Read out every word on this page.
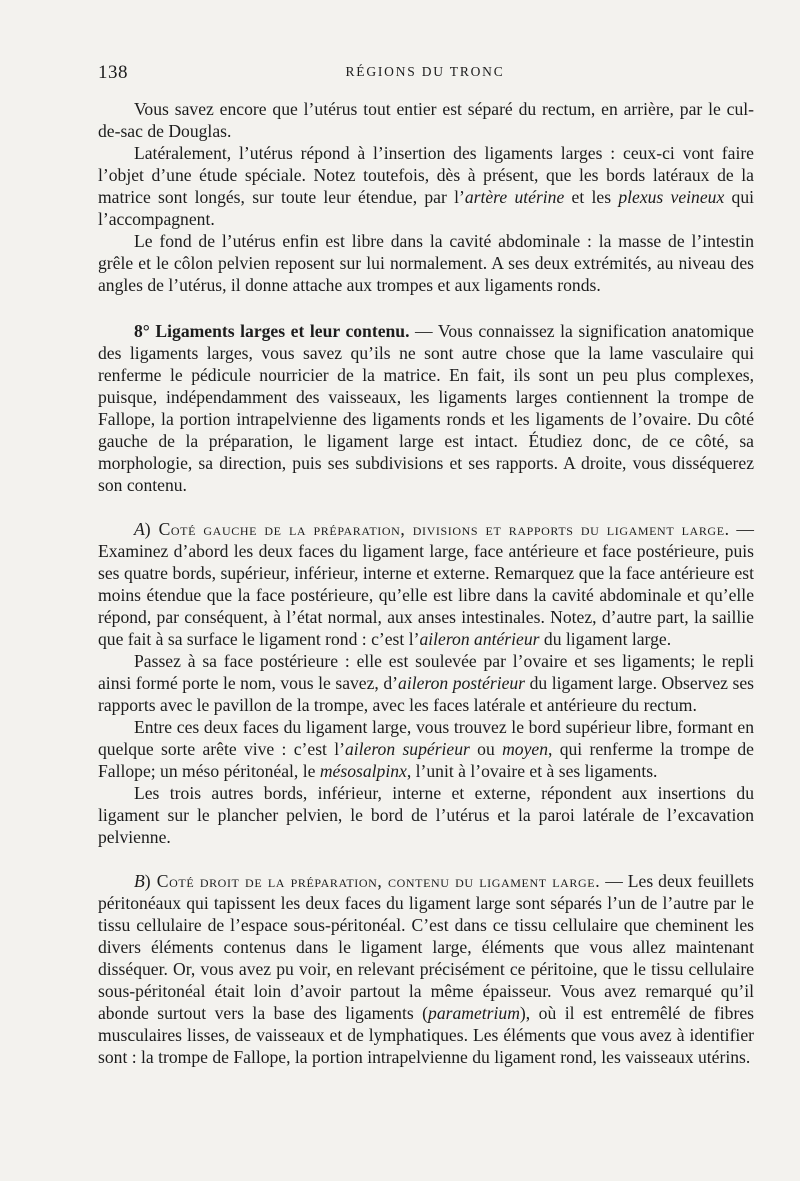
138	RÉGIONS DU TRONC

Vous savez encore que l’utérus tout entier est séparé du rectum, en arrière, par le cul-de-sac de Douglas.

Latéralement, l’utérus répond à l’insertion des ligaments larges : ceux-ci vont faire l’objet d’une étude spéciale. Notez toutefois, dès à présent, que les bords latéraux de la matrice sont longés, sur toute leur étendue, par l’artère utérine et les plexus veineux qui l’accompagnent.

Le fond de l’utérus enfin est libre dans la cavité abdominale : la masse de l’intestin grêle et le côlon pelvien reposent sur lui normalement. A ses deux extrémités, au niveau des angles de l’utérus, il donne attache aux trompes et aux ligaments ronds.

8° Ligaments larges et leur contenu. — Vous connaissez la signification anatomique des ligaments larges, vous savez qu’ils ne sont autre chose que la lame vasculaire qui renferme le pédicule nourricier de la matrice. En fait, ils sont un peu plus complexes, puisque, indépendamment des vaisseaux, les ligaments larges contiennent la trompe de Fallope, la portion intrapelvienne des ligaments ronds et les ligaments de l’ovaire. Du côté gauche de la préparation, le ligament large est intact. Étudiez donc, de ce côté, sa morphologie, sa direction, puis ses subdivisions et ses rapports. A droite, vous disséquerez son contenu.

A) Coté gauche de la préparation, divisions et rapports du ligament large. — Examinez d’abord les deux faces du ligament large, face antérieure et face postérieure, puis ses quatre bords, supérieur, inférieur, interne et externe. Remarquez que la face antérieure est moins étendue que la face postérieure, qu’elle est libre dans la cavité abdominale et qu’elle répond, par conséquent, à l’état normal, aux anses intestinales. Notez, d’autre part, la saillie que fait à sa surface le ligament rond : c’est l’aileron antérieur du ligament large.

Passez à sa face postérieure : elle est soulevée par l’ovaire et ses ligaments; le repli ainsi formé porte le nom, vous le savez, d’aileron postérieur du ligament large. Observez ses rapports avec le pavillon de la trompe, avec les faces latérale et antérieure du rectum.

Entre ces deux faces du ligament large, vous trouvez le bord supérieur libre, formant en quelque sorte arête vive : c’est l’aileron supérieur ou moyen, qui renferme la trompe de Fallope; un méso péritonéal, le mésosalpinx, l’unit à l’ovaire et à ses ligaments.

Les trois autres bords, inférieur, interne et externe, répondent aux insertions du ligament sur le plancher pelvien, le bord de l’utérus et la paroi latérale de l’excavation pelvienne.

B) Coté droit de la préparation, contenu du ligament large. — Les deux feuillets péritonéaux qui tapissent les deux faces du ligament large sont séparés l’un de l’autre par le tissu cellulaire de l’espace sous-péritonéal. C’est dans ce tissu cellulaire que cheminent les divers éléments contenus dans le ligament large, éléments que vous allez maintenant disséquer. Or, vous avez pu voir, en relevant précisément ce péritoine, que le tissu cellulaire sous-péritonéal était loin d’avoir partout la même épaisseur. Vous avez remarqué qu’il abonde surtout vers la base des ligaments (parametrium), où il est entremêlé de fibres musculaires lisses, de vaisseaux et de lymphatiques. Les éléments que vous avez à identifier sont : la trompe de Fallope, la portion intrapelvienne du ligament rond, les vaisseaux utérins.
